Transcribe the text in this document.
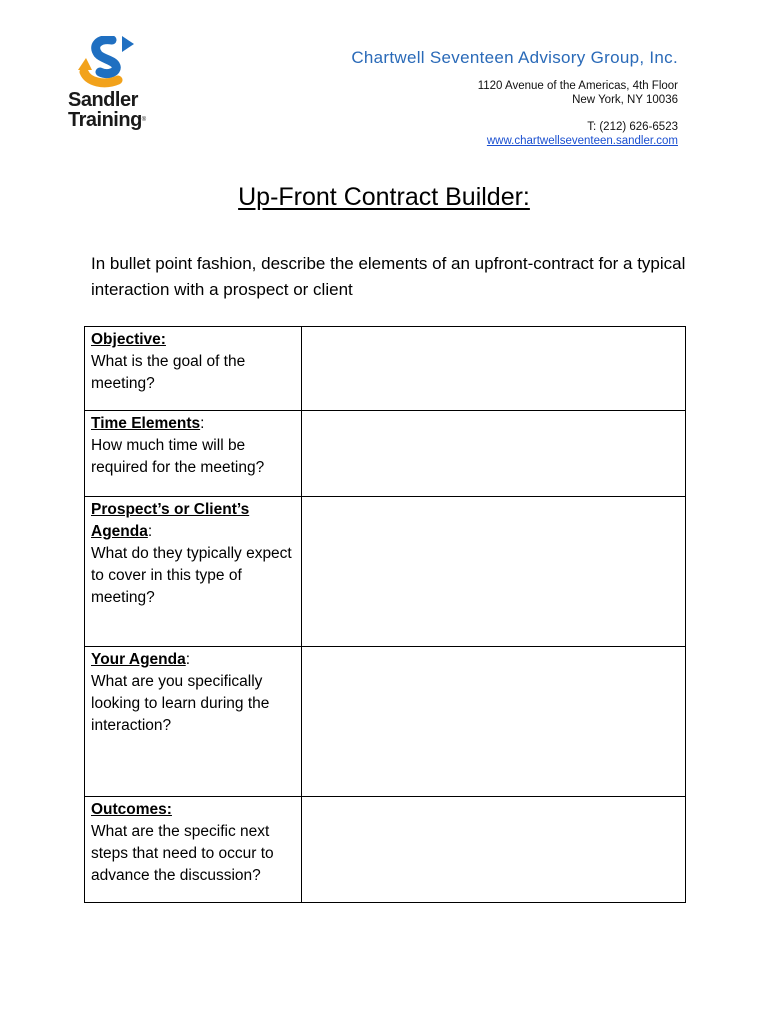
Sandler
Training®
Chartwell Seventeen Advisory Group, Inc.
1120 Avenue of the Americas, 4th Floor
New York, NY 10036
T: (212) 626-6523
www.chartwellseventeen.sandler.com
Up-Front Contract Builder:
In bullet point fashion, describe the elements of an upfront-contract for a typical interaction with a prospect or client
Objective:
What is the goal of the meeting?	
Time Elements:
How much time will be required for the meeting?	
Prospect’s or Client’s Agenda:
What do they typically expect to cover in this type of meeting?	
Your Agenda:
What are you specifically looking to learn during the interaction?	
Outcomes:
What are the specific next steps that need to occur to advance the discussion?	
